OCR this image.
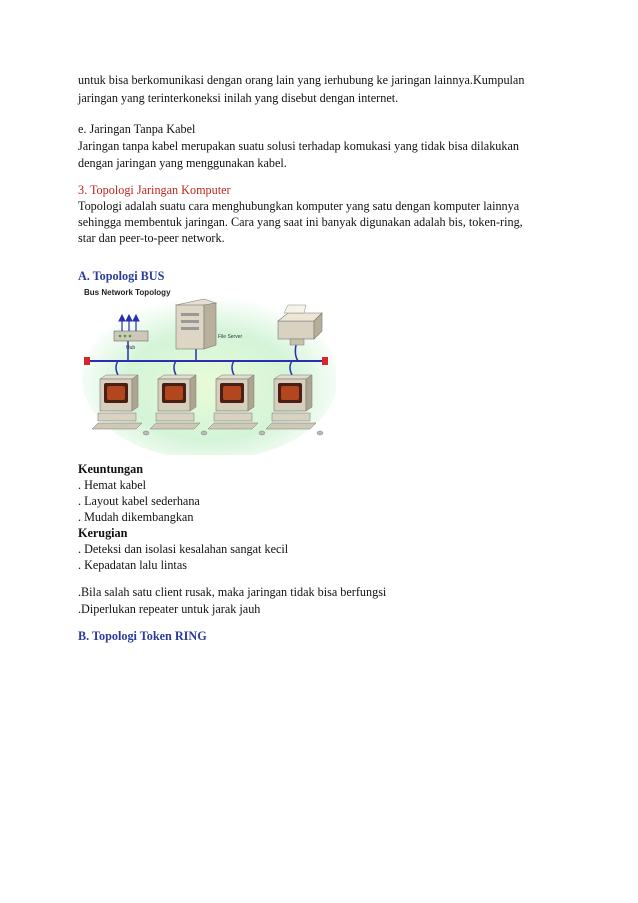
untuk bisa berkomunikasi dengan orang lain yang ierhubung ke jaringan lainnya.Kumpulan
jaringan yang terinterkoneksi inilah yang disebut dengan internet.
e. Jaringan Tanpa Kabel
Jaringan tanpa kabel merupakan suatu solusi terhadap komukasi yang tidak bisa dilakukan
dengan jaringan yang menggunakan kabel.
3. Topologi Jaringan Komputer
Topologi adalah suatu cara menghubungkan komputer yang satu dengan komputer lainnya
sehingga membentuk jaringan. Cara yang saat ini banyak digunakan adalah bis, token-ring,
star dan peer-to-peer network.
A. Topologi BUS
Bus Network Topology
Hub
File Server
Keuntungan
. Hemat kabel
. Layout kabel sederhana
. Mudah dikembangkan
Kerugian
. Deteksi dan isolasi kesalahan sangat kecil
. Kepadatan lalu lintas
.Bila salah satu client rusak, maka jaringan tidak bisa berfungsi
.Diperlukan repeater untuk jarak jauh
B. Topologi Token RING
